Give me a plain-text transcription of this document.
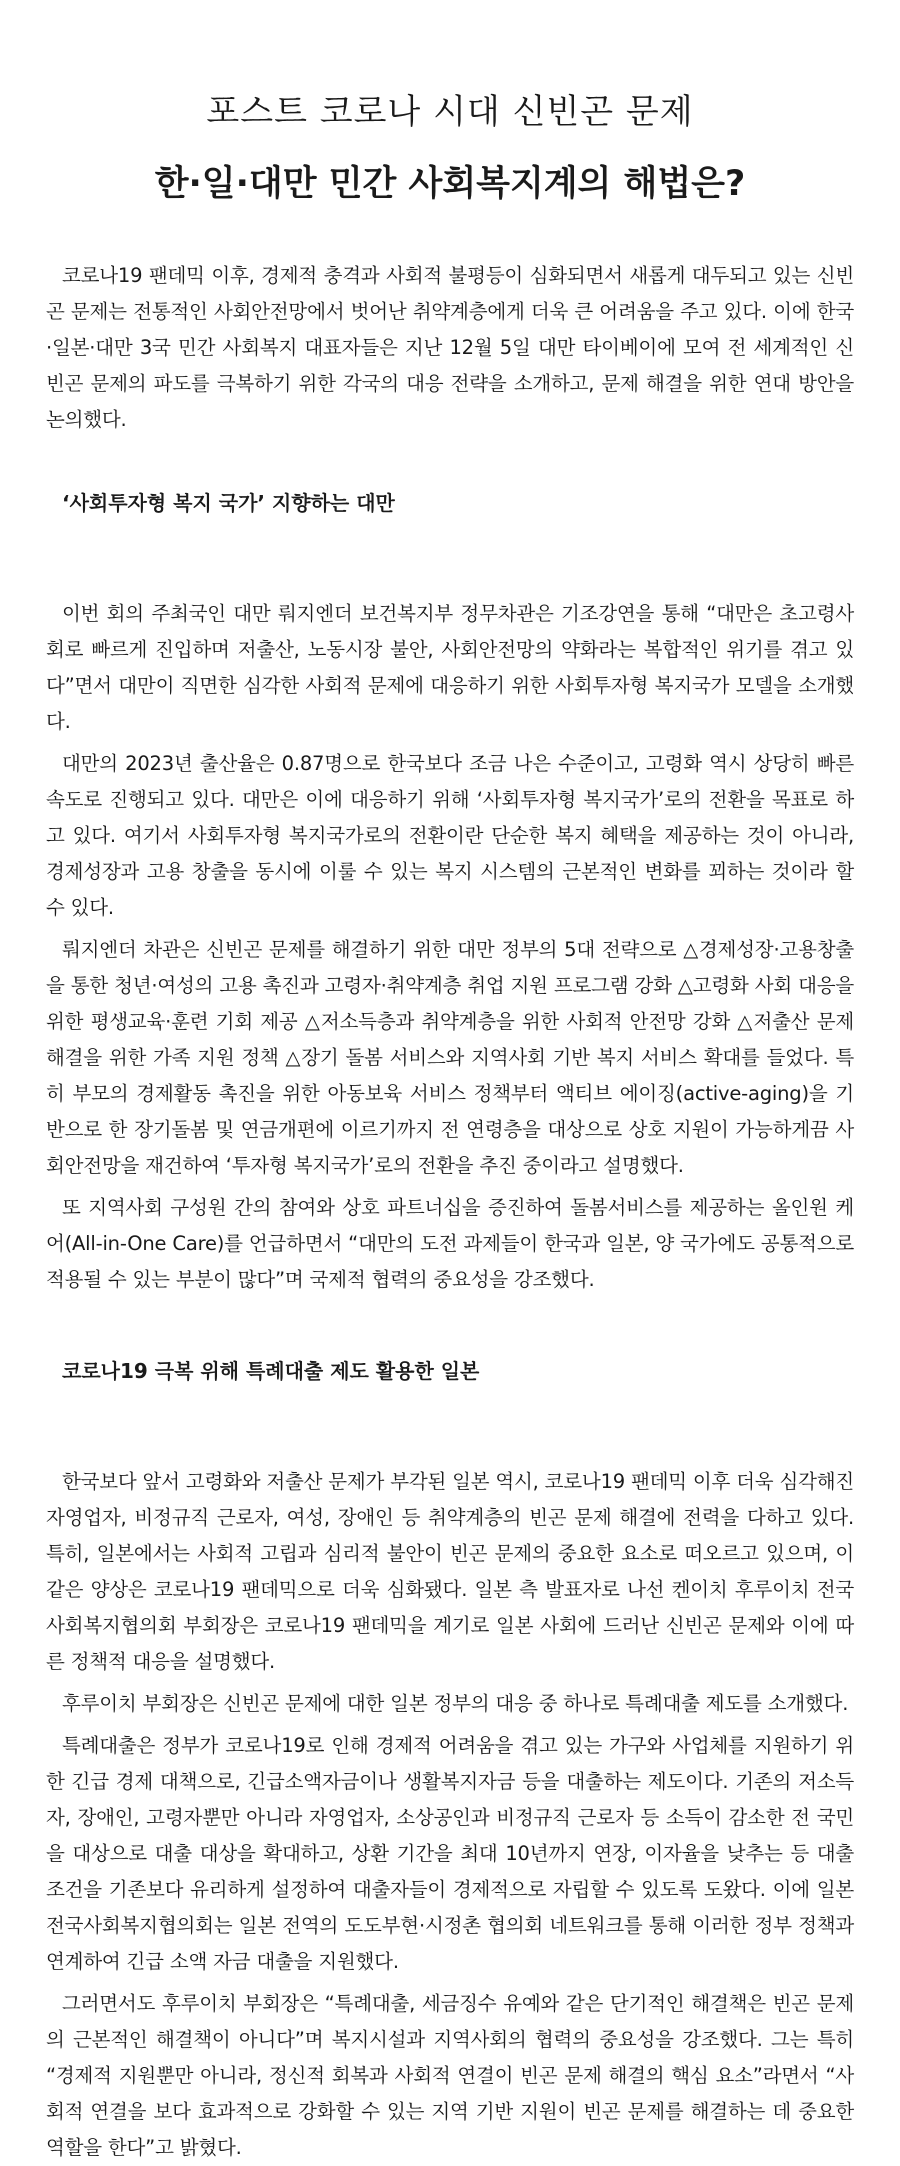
포스트 코로나 시대 신빈곤 문제
한·일·대만 민간 사회복지계의 해법은?

코로나19 팬데믹 이후, 경제적 충격과 사회적 불평등이 심화되면서 새롭게 대두되고 있는 신빈곤 문제는 전통적인 사회안전망에서 벗어난 취약계층에게 더욱 큰 어려움을 주고 있다. 이에 한국·일본·대만 3국 민간 사회복지 대표자들은 지난 12월 5일 대만 타이베이에 모여 전 세계적인 신빈곤 문제의 파도를 극복하기 위한 각국의 대응 전략을 소개하고, 문제 해결을 위한 연대 방안을 논의했다.

‘사회투자형 복지 국가’ 지향하는 대만

이번 회의 주최국인 대만 뤄지엔더 보건복지부 정무차관은 기조강연을 통해 “대만은 초고령사회로 빠르게 진입하며 저출산, 노동시장 불안, 사회안전망의 약화라는 복합적인 위기를 겪고 있다”면서 대만이 직면한 심각한 사회적 문제에 대응하기 위한 사회투자형 복지국가 모델을 소개했다.

대만의 2023년 출산율은 0.87명으로 한국보다 조금 나은 수준이고, 고령화 역시 상당히 빠른 속도로 진행되고 있다. 대만은 이에 대응하기 위해 ‘사회투자형 복지국가’로의 전환을 목표로 하고 있다. 여기서 사회투자형 복지국가로의 전환이란 단순한 복지 혜택을 제공하는 것이 아니라, 경제성장과 고용 창출을 동시에 이룰 수 있는 복지 시스템의 근본적인 변화를 꾀하는 것이라 할 수 있다.

뤄지엔더 차관은 신빈곤 문제를 해결하기 위한 대만 정부의 5대 전략으로 △경제성장·고용창출을 통한 청년·여성의 고용 촉진과 고령자·취약계층 취업 지원 프로그램 강화 △고령화 사회 대응을 위한 평생교육·훈련 기회 제공 △저소득층과 취약계층을 위한 사회적 안전망 강화 △저출산 문제 해결을 위한 가족 지원 정책 △장기 돌봄 서비스와 지역사회 기반 복지 서비스 확대를 들었다. 특히 부모의 경제활동 촉진을 위한 아동보육 서비스 정책부터 액티브 에이징(active-aging)을 기반으로 한 장기돌봄 및 연금개편에 이르기까지 전 연령층을 대상으로 상호 지원이 가능하게끔 사회안전망을 재건하여 ‘투자형 복지국가’로의 전환을 추진 중이라고 설명했다.

또 지역사회 구성원 간의 참여와 상호 파트너십을 증진하여 돌봄서비스를 제공하는 올인원 케어(All-in-One Care)를 언급하면서 “대만의 도전 과제들이 한국과 일본, 양 국가에도 공통적으로 적용될 수 있는 부분이 많다”며 국제적 협력의 중요성을 강조했다.

코로나19 극복 위해 특례대출 제도 활용한 일본

한국보다 앞서 고령화와 저출산 문제가 부각된 일본 역시, 코로나19 팬데믹 이후 더욱 심각해진 자영업자, 비정규직 근로자, 여성, 장애인 등 취약계층의 빈곤 문제 해결에 전력을 다하고 있다. 특히, 일본에서는 사회적 고립과 심리적 불안이 빈곤 문제의 중요한 요소로 떠오르고 있으며, 이 같은 양상은 코로나19 팬데믹으로 더욱 심화됐다. 일본 측 발표자로 나선 켄이치 후루이치 전국사회복지협의회 부회장은 코로나19 팬데믹을 계기로 일본 사회에 드러난 신빈곤 문제와 이에 따른 정책적 대응을 설명했다.

후루이치 부회장은 신빈곤 문제에 대한 일본 정부의 대응 중 하나로 특례대출 제도를 소개했다.

특례대출은 정부가 코로나19로 인해 경제적 어려움을 겪고 있는 가구와 사업체를 지원하기 위한 긴급 경제 대책으로, 긴급소액자금이나 생활복지자금 등을 대출하는 제도이다. 기존의 저소득자, 장애인, 고령자뿐만 아니라 자영업자, 소상공인과 비정규직 근로자 등 소득이 감소한 전 국민을 대상으로 대출 대상을 확대하고, 상환 기간을 최대 10년까지 연장, 이자율을 낮추는 등 대출 조건을 기존보다 유리하게 설정하여 대출자들이 경제적으로 자립할 수 있도록 도왔다. 이에 일본 전국사회복지협의회는 일본 전역의 도도부현·시정촌 협의회 네트워크를 통해 이러한 정부 정책과 연계하여 긴급 소액 자금 대출을 지원했다.

그러면서도 후루이치 부회장은 “특례대출, 세금징수 유예와 같은 단기적인 해결책은 빈곤 문제의 근본적인 해결책이 아니다”며 복지시설과 지역사회의 협력의 중요성을 강조했다. 그는 특히 “경제적 지원뿐만 아니라, 정신적 회복과 사회적 연결이 빈곤 문제 해결의 핵심 요소”라면서 “사회적 연결을 보다 효과적으로 강화할 수 있는 지역 기반 지원이 빈곤 문제를 해결하는 데 중요한 역할을 한다”고 밝혔다.
